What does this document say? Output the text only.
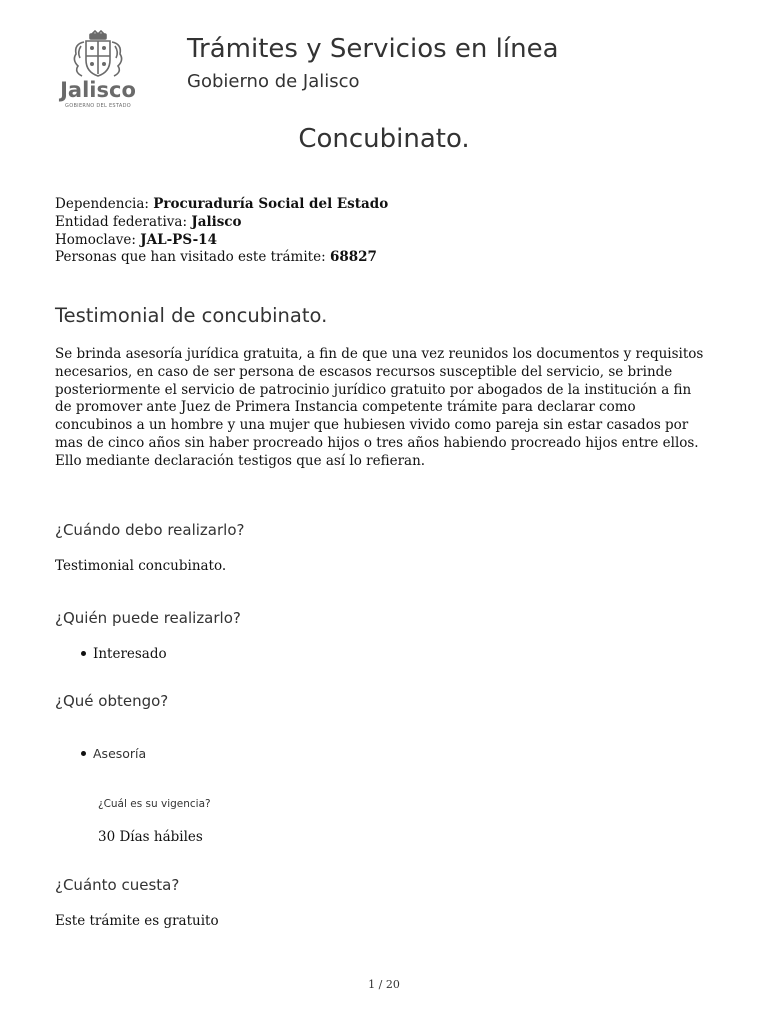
Jalisco
GOBIERNO DEL ESTADO
Trámites y Servicios en línea
Gobierno de Jalisco
Concubinato.
Dependencia: Procuraduría Social del Estado
Entidad federativa: Jalisco
Homoclave: JAL-PS-14
Personas que han visitado este trámite: 68827
Testimonial de concubinato.
Se brinda asesoría jurídica gratuita, a fin de que una vez reunidos los documentos y requisitos necesarios, en caso de ser persona de escasos recursos susceptible del servicio, se brinde posteriormente el servicio de patrocinio jurídico gratuito por abogados de la institución a fin de promover ante Juez de Primera Instancia competente trámite para declarar como concubinos a un hombre y una mujer que hubiesen vivido como pareja sin estar casados por mas de cinco años sin haber procreado hijos o tres años habiendo procreado hijos entre ellos. Ello mediante declaración testigos que así lo refieran.
¿Cuándo debo realizarlo?
Testimonial concubinato.
¿Quién puede realizarlo?
Interesado
¿Qué obtengo?
Asesoría
¿Cuál es su vigencia?
30 Días hábiles
¿Cuánto cuesta?
Este trámite es gratuito
1 / 20
